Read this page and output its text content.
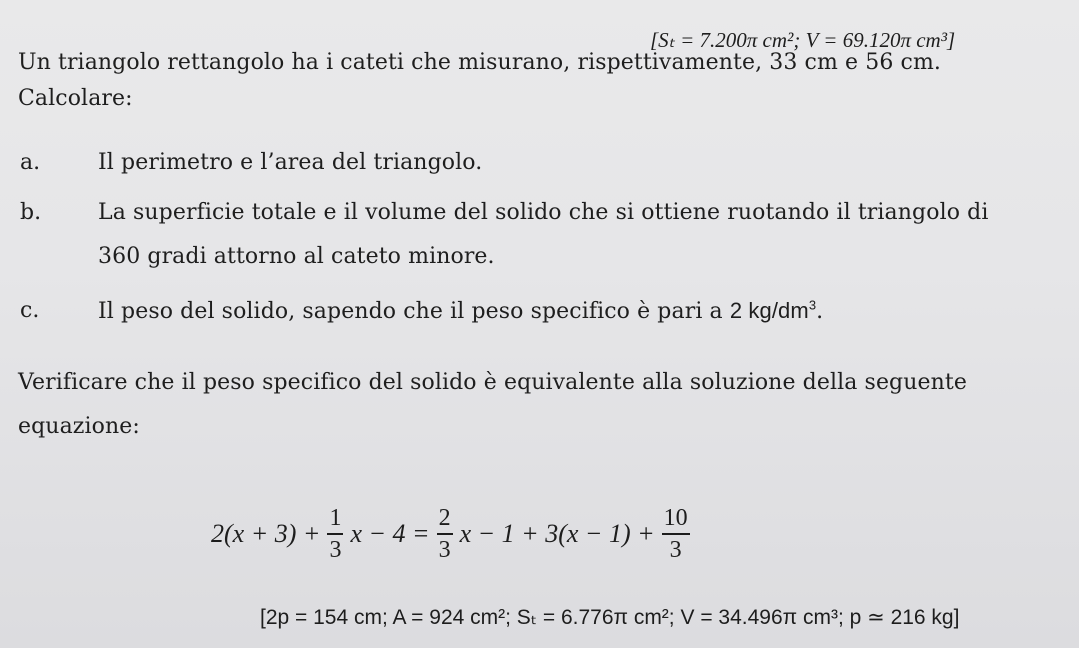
[Sₜ = 7.200π cm²; V = 69.120π cm³]
Un triangolo rettangolo ha i cateti che misurano, rispettivamente, 33 cm e 56 cm.
Calcolare:
a.	Il perimetro e l’area del triangolo.
b.	La superficie totale e il volume del solido che si ottiene ruotando il triangolo di
360 gradi attorno al cateto minore.
c.	Il peso del solido, sapendo che il peso specifico è pari a 2 $kg/dm^3$.
Verificare che il peso specifico del solido è equivalente alla soluzione della seguente
equazione:
$2(x + 3) + \frac{1}{3}$ $x - 4 = \frac{2}{3}$ $x - 1 + 3(x - 1) + \frac{10}{3}$
[2p = 154 cm; A = 924 cm²; Sₜ = 6.776π cm²; V = 34.496π cm³; p ≃ 216 kg]
